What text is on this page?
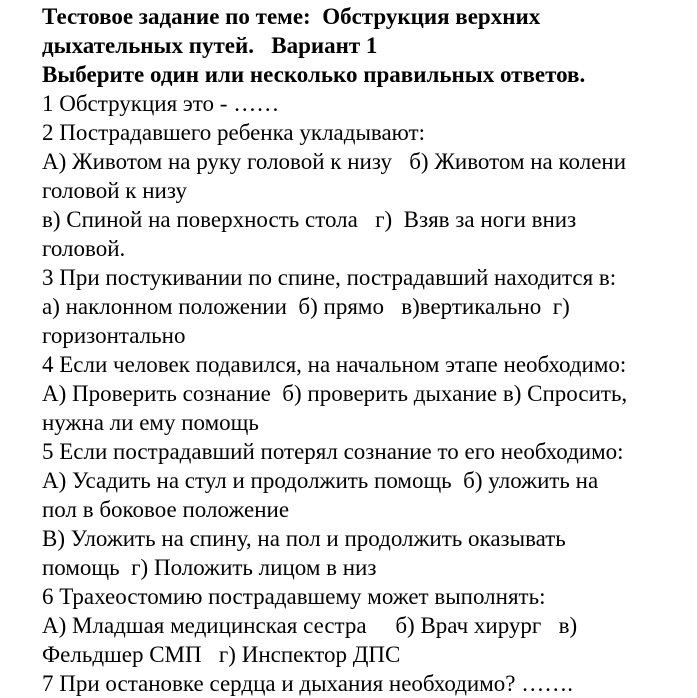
Тестовое задание по теме:  Обструкция верхних
дыхательных путей.   Вариант 1
Выберите один или несколько правильных ответов.
1 Обструкция это - ……
2 Пострадавшего ребенка укладывают:
А) Животом на руку головой к низу   б) Животом на колени
головой к низу
в) Спиной на поверхность стола   г)  Взяв за ноги вниз
головой.
3 При постукивании по спине, пострадавший находится в:
а) наклонном положении  б) прямо   в)вертикально  г)
горизонтально
4 Если человек подавился, на начальном этапе необходимо:
А) Проверить сознание  б) проверить дыхание в) Спросить,
нужна ли ему помощь
5 Если пострадавший потерял сознание то его необходимо:
А) Усадить на стул и продолжить помощь  б) уложить на
пол в боковое положение
В) Уложить на спину, на пол и продолжить оказывать
помощь  г) Положить лицом в низ
6 Трахеостомию пострадавшему может выполнять:
А) Младшая медицинская сестра     б) Врач хирург   в)
Фельдшер СМП   г) Инспектор ДПС
7 При остановке сердца и дыхания необходимо? …….
